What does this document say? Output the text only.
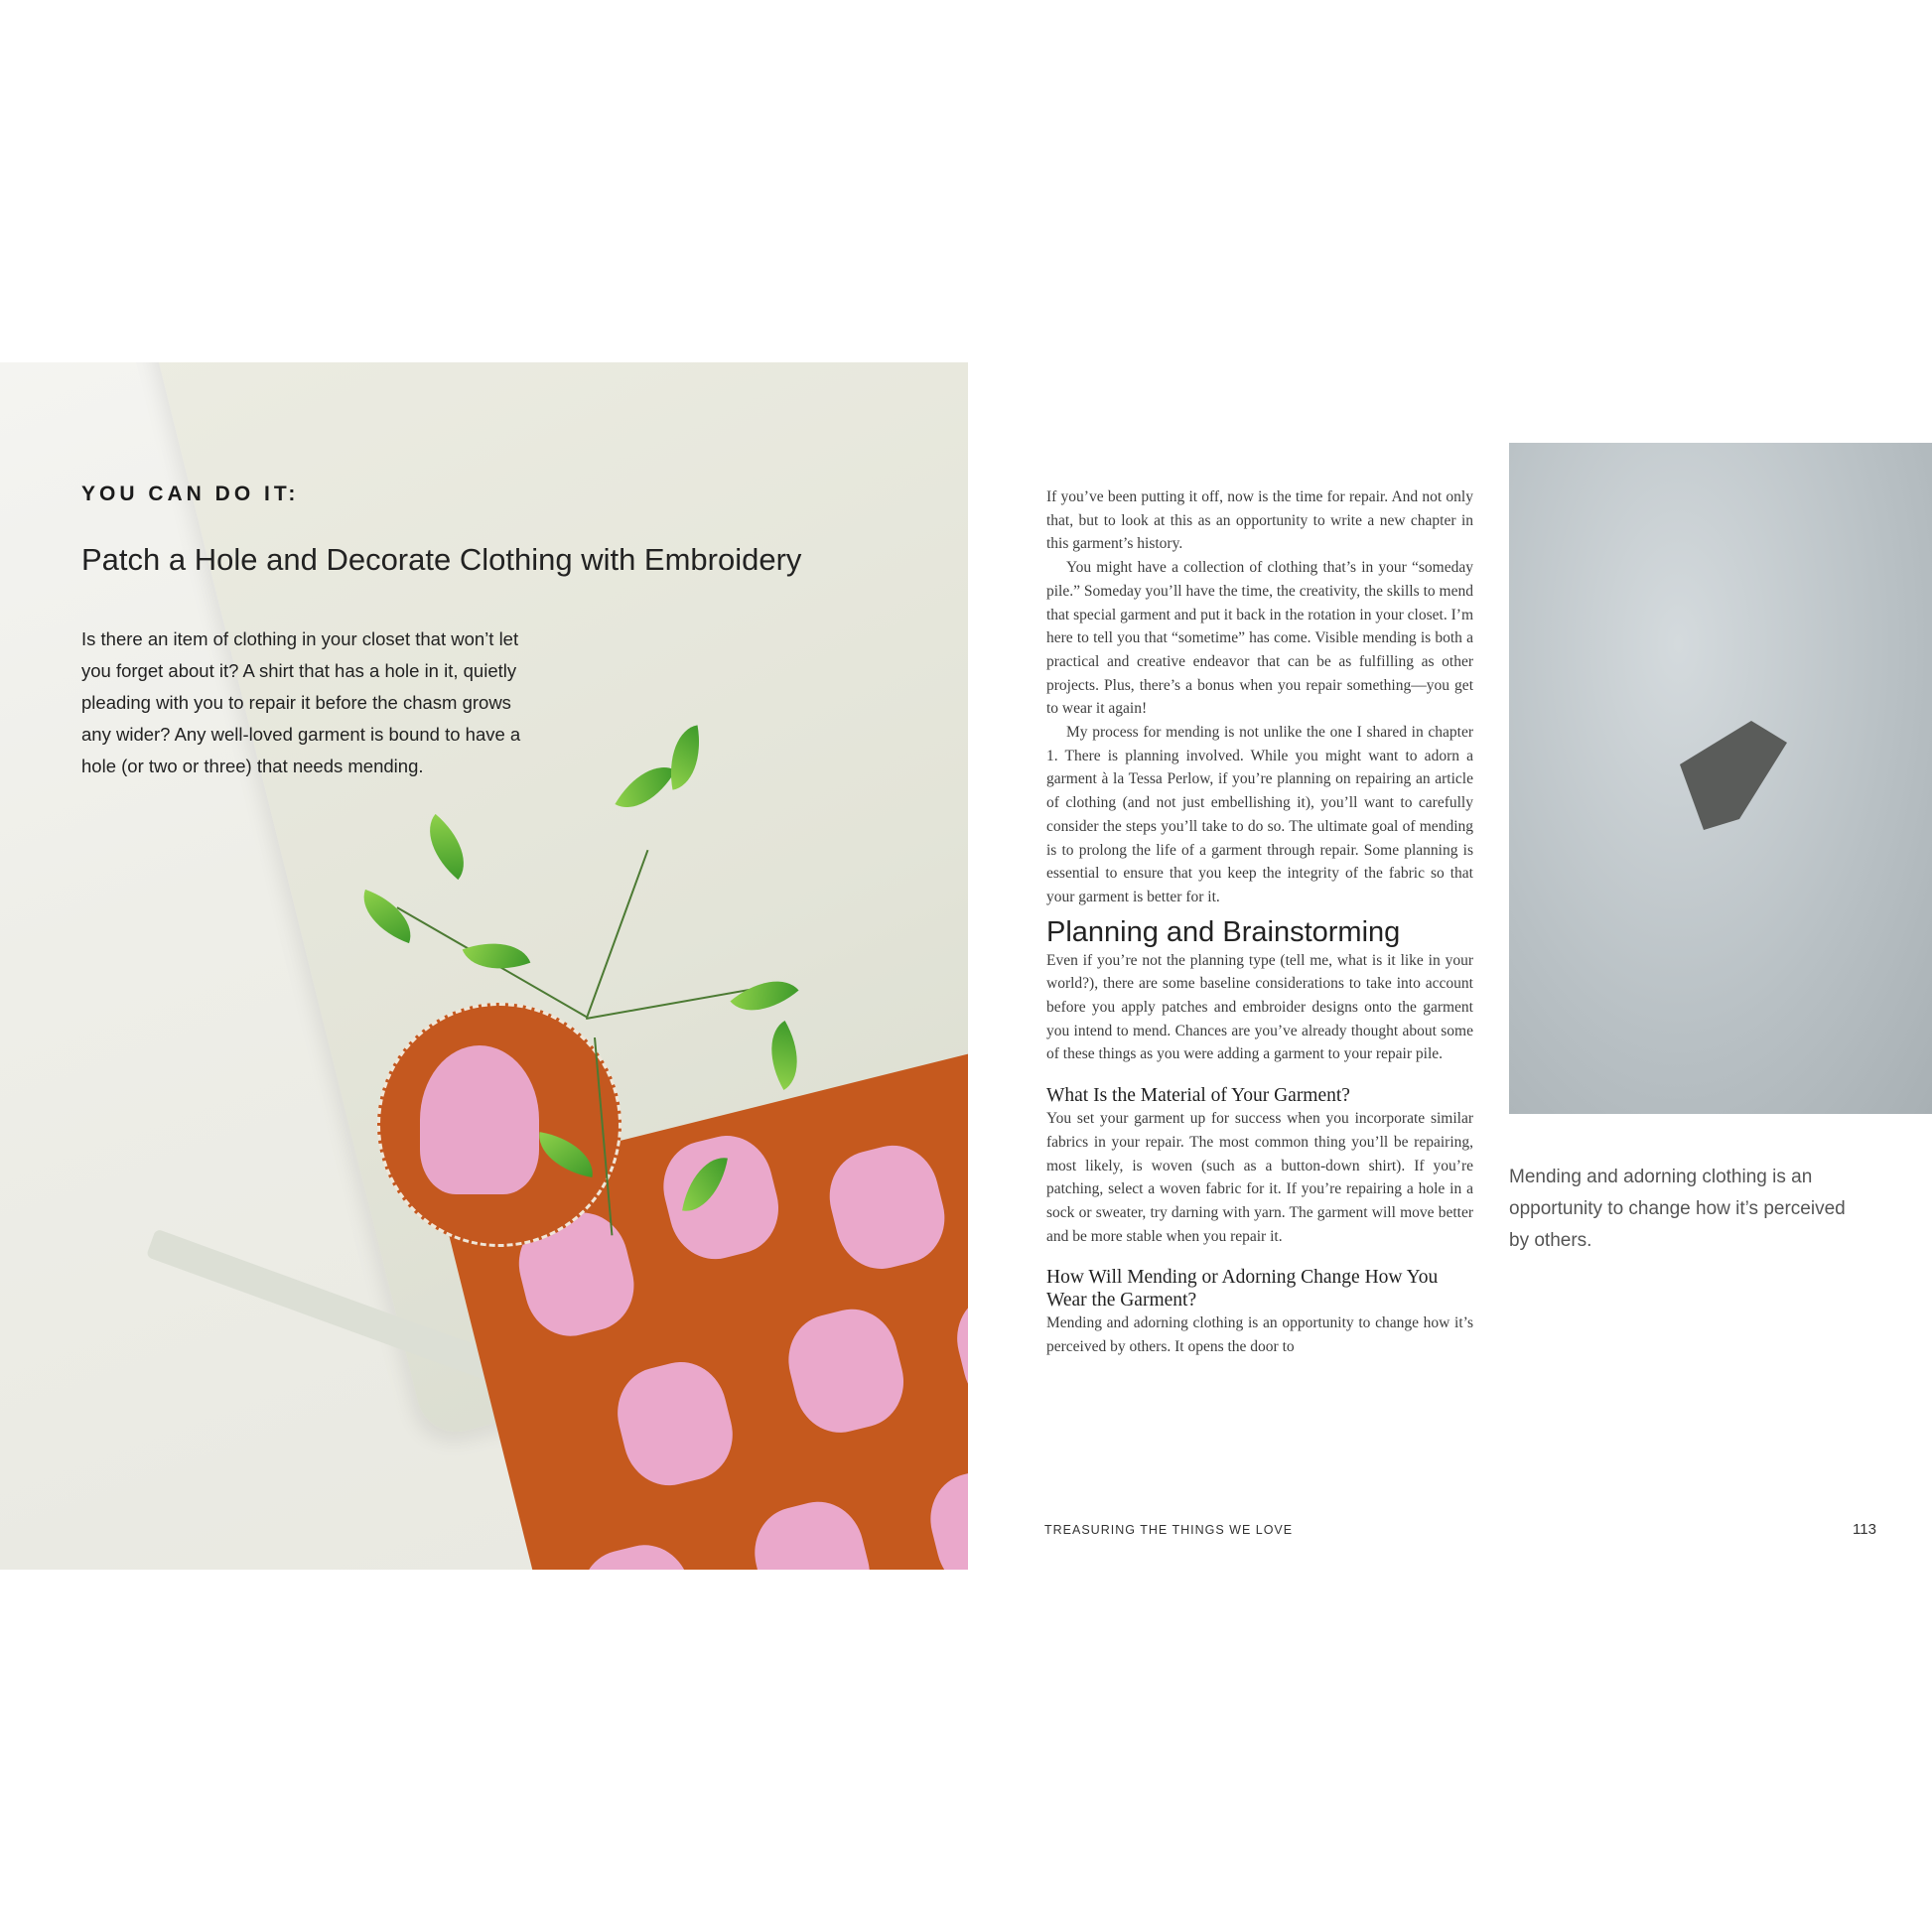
YOU CAN DO IT:
Patch a Hole and Decorate Clothing with Embroidery
Is there an item of clothing in your closet that won’t let you forget about it? A shirt that has a hole in it, quietly pleading with you to repair it before the chasm grows any wider? Any well-loved garment is bound to have a hole (or two or three) that needs mending.

If you’ve been putting it off, now is the time for repair. And not only that, but to look at this as an opportunity to write a new chapter in this garment’s history.

You might have a collection of clothing that’s in your “someday pile.” Someday you’ll have the time, the creativity, the skills to mend that special garment and put it back in the rotation in your closet. I’m here to tell you that “sometime” has come. Visible mending is both a practical and creative endeavor that can be as fulfilling as other projects. Plus, there’s a bonus when you repair something—you get to wear it again!

My process for mending is not unlike the one I shared in chapter 1. There is planning involved. While you might want to adorn a garment à la Tessa Perlow, if you’re planning on repairing an article of clothing (and not just embellishing it), you’ll want to carefully consider the steps you’ll take to do so. The ultimate goal of mending is to prolong the life of a garment through repair. Some planning is essential to ensure that you keep the integrity of the fabric so that your garment is better for it.

Planning and Brainstorming

Even if you’re not the planning type (tell me, what is it like in your world?), there are some baseline considerations to take into account before you apply patches and embroider designs onto the garment you intend to mend. Chances are you’ve already thought about some of these things as you were adding a garment to your repair pile.

What Is the Material of Your Garment?

You set your garment up for success when you incorporate similar fabrics in your repair. The most common thing you’ll be repairing, most likely, is woven (such as a button-down shirt). If you’re patching, select a woven fabric for it. If you’re repairing a hole in a sock or sweater, try darning with yarn. The garment will move better and be more stable when you repair it.

How Will Mending or Adorning Change How You Wear the Garment?

Mending and adorning clothing is an opportunity to change how it’s perceived by others. It opens the door to

Mending and adorning clothing is an opportunity to change how it’s perceived by others.
TREASURING THE THINGS WE LOVE	113
